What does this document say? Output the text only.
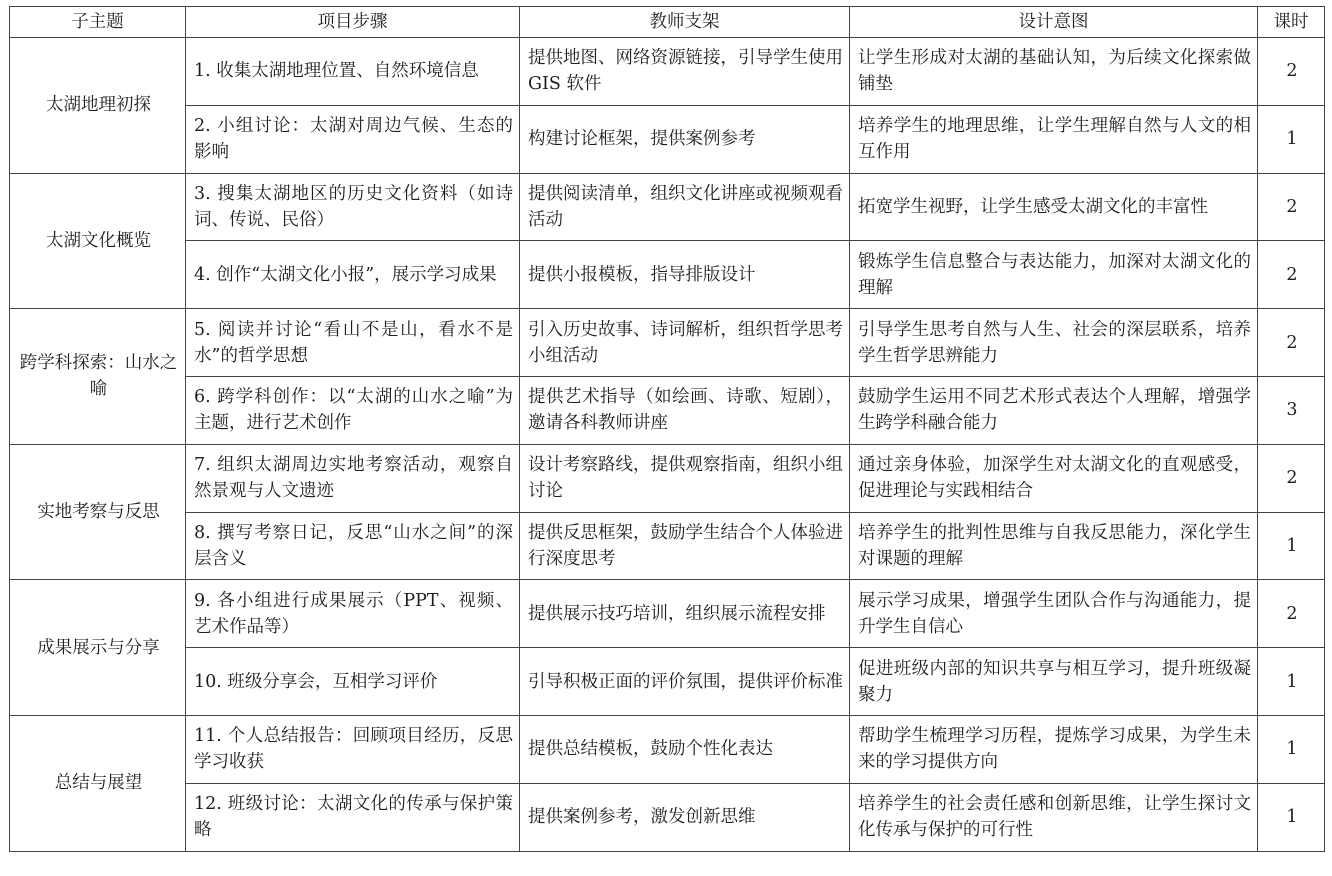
子主题	项目步骤	教师支架	设计意图	课时
太湖地理初探	1. 收集太湖地理位置、自然环境信息	提供地图、网络资源链接，引导学生使用 GIS 软件	让学生形成对太湖的基础认知，为后续文化探索做铺垫	2
	2. 小组讨论：太湖对周边气候、生态的影响	构建讨论框架，提供案例参考	培养学生的地理思维，让学生理解自然与人文的相互作用	1
太湖文化概览	3. 搜集太湖地区的历史文化资料（如诗词、传说、民俗）	提供阅读清单，组织文化讲座或视频观看活动	拓宽学生视野，让学生感受太湖文化的丰富性	2
	4. 创作“太湖文化小报”，展示学习成果	提供小报模板，指导排版设计	锻炼学生信息整合与表达能力，加深对太湖文化的理解	2
跨学科探索：山水之喻	5. 阅读并讨论“看山不是山，看水不是水”的哲学思想	引入历史故事、诗词解析，组织哲学思考小组活动	引导学生思考自然与人生、社会的深层联系，培养学生哲学思辨能力	2
	6. 跨学科创作：以“太湖的山水之喻”为主题，进行艺术创作	提供艺术指导（如绘画、诗歌、短剧），邀请各科教师讲座	鼓励学生运用不同艺术形式表达个人理解，增强学生跨学科融合能力	3
实地考察与反思	7. 组织太湖周边实地考察活动，观察自然景观与人文遗迹	设计考察路线，提供观察指南，组织小组讨论	通过亲身体验，加深学生对太湖文化的直观感受，促进理论与实践相结合	2
	8. 撰写考察日记，反思“山水之间”的深层含义	提供反思框架，鼓励学生结合个人体验进行深度思考	培养学生的批判性思维与自我反思能力，深化学生对课题的理解	1
成果展示与分享	9. 各小组进行成果展示（PPT、视频、艺术作品等）	提供展示技巧培训，组织展示流程安排	展示学习成果，增强学生团队合作与沟通能力，提升学生自信心	2
	10. 班级分享会，互相学习评价	引导积极正面的评价氛围，提供评价标准	促进班级内部的知识共享与相互学习，提升班级凝聚力	1
总结与展望	11. 个人总结报告：回顾项目经历，反思学习收获	提供总结模板，鼓励个性化表达	帮助学生梳理学习历程，提炼学习成果，为学生未来的学习提供方向	1
	12. 班级讨论：太湖文化的传承与保护策略	提供案例参考，激发创新思维	培养学生的社会责任感和创新思维，让学生探讨文化传承与保护的可行性	1
